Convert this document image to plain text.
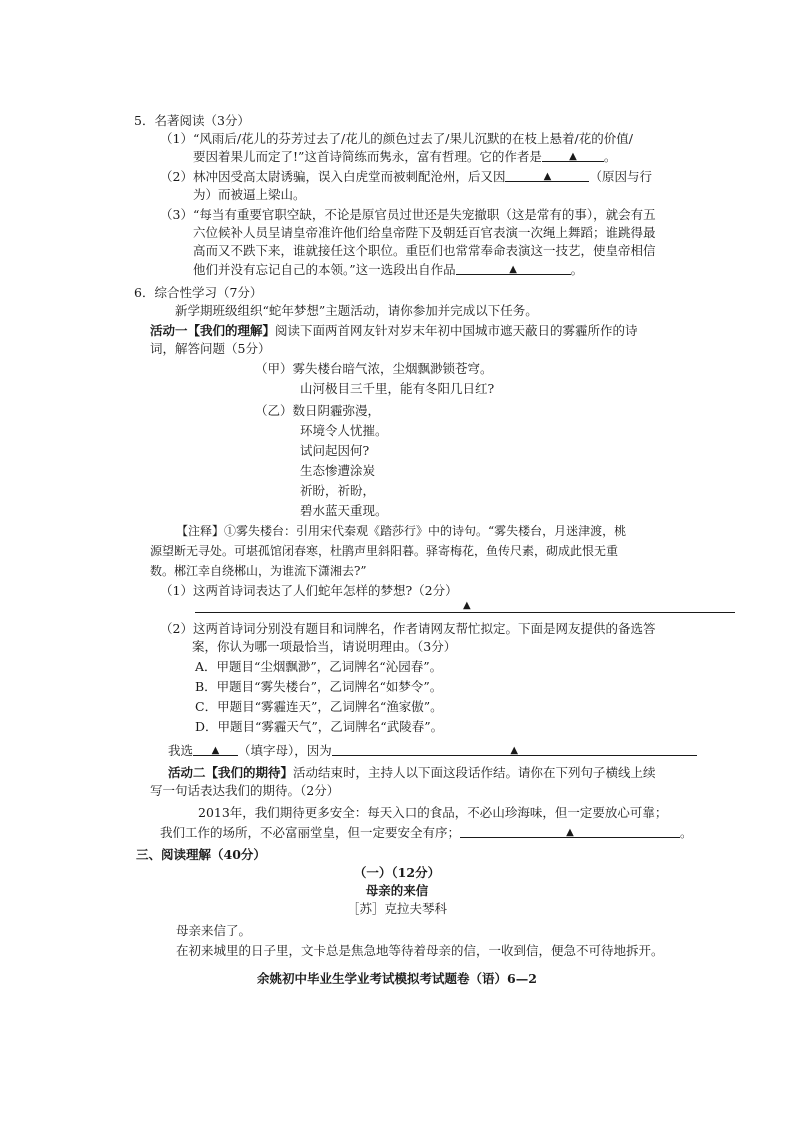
5．名著阅读（3分）
（1）“风雨后/花儿的芬芳过去了/花儿的颜色过去了/果儿沉默的在枝上悬着/花的价值/
要因着果儿而定了!”这首诗简练而隽永，富有哲理。它的作者是	▲ 。
（2）林冲因受高太尉诱骗，误入白虎堂而被刺配沧州，后又因	▲	（原因与行
为）而被逼上梁山。
（3）“每当有重要官职空缺，不论是原官员过世还是失宠撤职（这是常有的事），就会有五
六位候补人员呈请皇帝准许他们给皇帝陛下及朝廷百官表演一次绳上舞蹈；谁跳得最
高而又不跌下来，谁就接任这个职位。重臣们也常常奉命表演这一技艺，使皇帝相信
他们并没有忘记自己的本领。”这一选段出自作品	▲	。
6．综合性学习（7分）
新学期班级组织“蛇年梦想”主题活动，请你参加并完成以下任务。
活动一【我们的理解】阅读下面两首网友针对岁末年初中国城市遮天蔽日的雾霾所作的诗
词，解答问题（5分）
（甲）雾失楼台暗气浓，尘烟飘渺锁苍穹。
山河极目三千里，能有冬阳几日红?
（乙）数日阴霾弥漫，
环境令人忧摧。
试问起因何?
生态惨遭涂炭
祈盼，祈盼，
碧水蓝天重现。
【注释】①雾失楼台：引用宋代秦观《踏莎行》中的诗句。“雾失楼台，月迷津渡，桃
源望断无寻处。可堪孤馆闭春寒，杜鹃声里斜阳暮。驿寄梅花，鱼传尺素，砌成此恨无重
数。郴江幸自绕郴山，为谁流下潇湘去?”
（1）这两首诗词表达了人们蛇年怎样的梦想?（2分）
▲
（2）这两首诗词分别没有题目和词牌名，作者请网友帮忙拟定。下面是网友提供的备选答
案，你认为哪一项最恰当，请说明理由。（3分）
A．甲题目“尘烟飘渺”，乙词牌名“沁园春”。
B．甲题目“雾失楼台”，乙词牌名“如梦令”。
C．甲题目“雾霾连天”，乙词牌名“渔家傲”。
D．甲题目“雾霾天气”，乙词牌名“武陵春”。
我选 ▲ （填字母），因为	▲
活动二【我们的期待】活动结束时，主持人以下面这段话作结。请你在下列句子横线上续
写一句话表达我们的期待。（2分）
2013年，我们期待更多安全：每天入口的食品，不必山珍海味，但一定要放心可靠；
我们工作的场所，不必富丽堂皇，但一定要安全有序；	▲	。
三、阅读理解（40分）
（一）（12分）
母亲的来信
［苏］克拉夫琴科
母亲来信了。
在初来城里的日子里，文卡总是焦急地等待着母亲的信，一收到信，便急不可待地拆开。
余姚初中毕业生学业考试模拟考试题卷（语）6—2
